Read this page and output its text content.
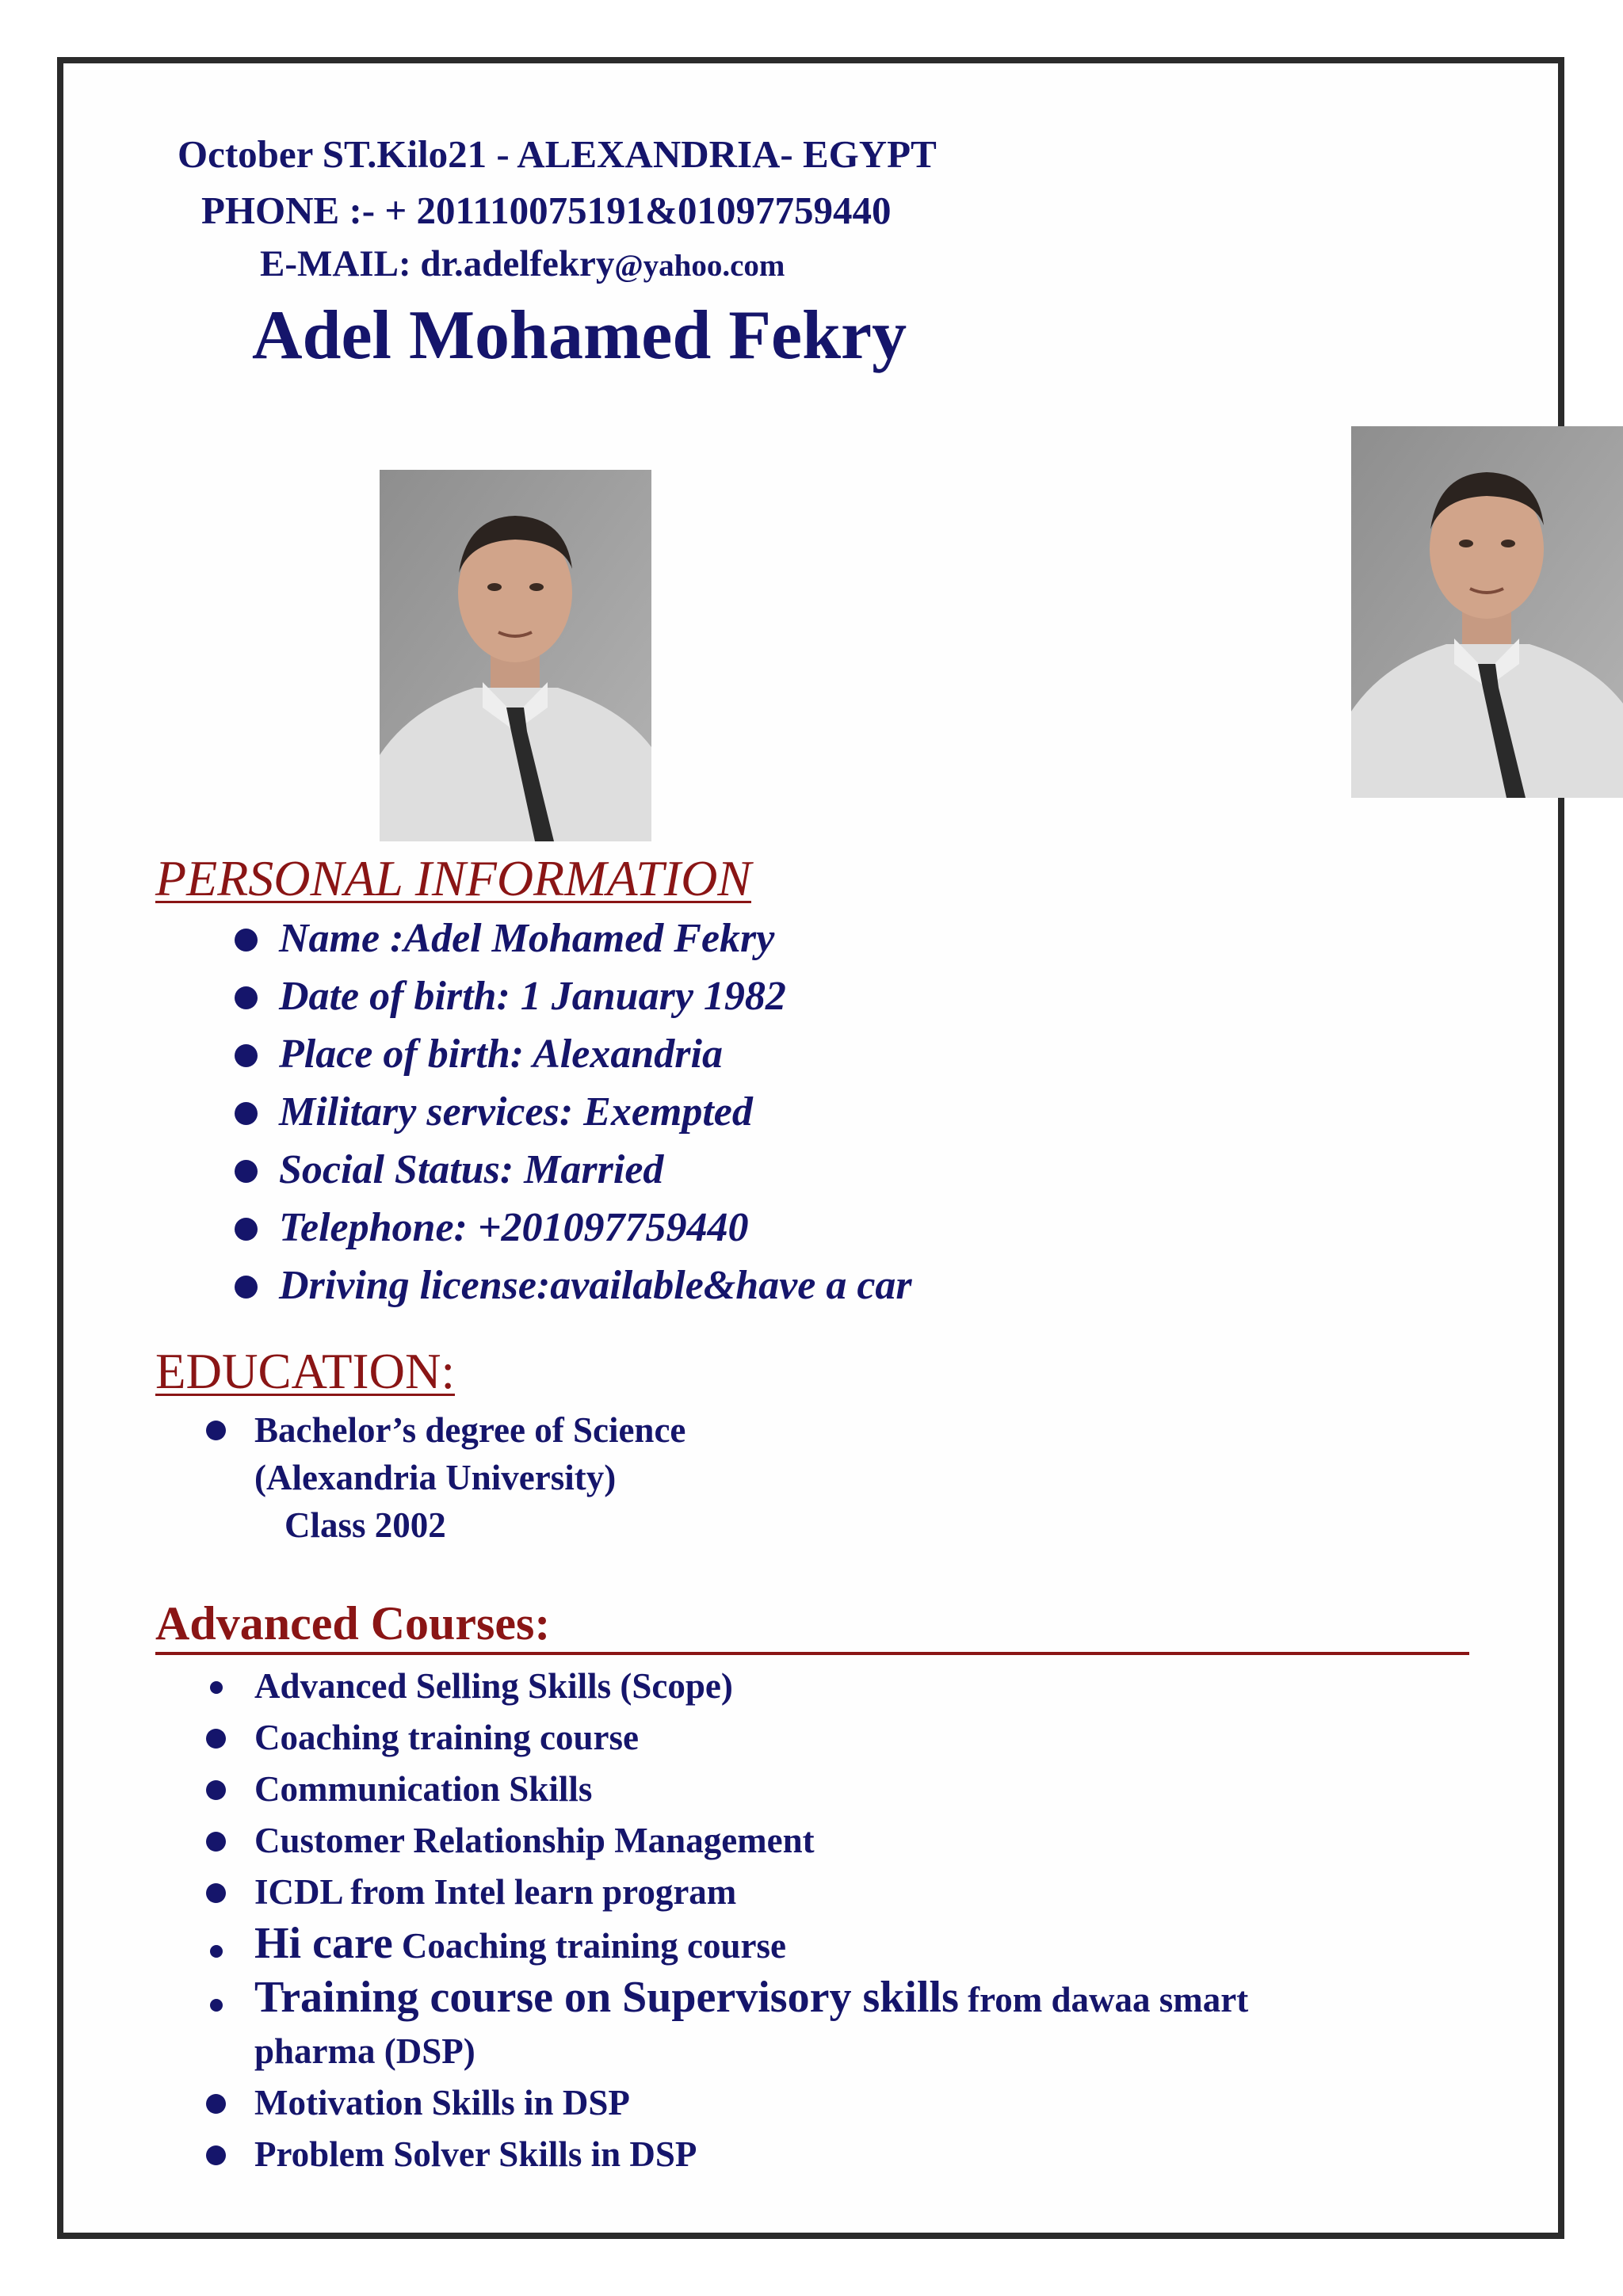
October ST.Kilo21 - ALEXANDRIA- EGYPT
PHONE :- + 201110075191&01097759440
E-MAIL: dr.adelfekry@yahoo.com
Adel Mohamed Fekry
PERSONAL INFORMATION
Name :Adel Mohamed Fekry
Date of birth: 1 January 1982
Place of birth: Alexandria
Military services: Exempted
Social Status: Married
Telephone: +201097759440
Driving license:available&have a car
EDUCATION:
Bachelor’s degree of Science
(Alexandria University)
Class 2002
Advanced Courses:
Advanced Selling Skills (Scope)
Coaching training course
Communication Skills
Customer Relationship Management
ICDL from Intel learn program
Hi care Coaching training course
Training course on Supervisory skills from dawaa smart
pharma (DSP)
Motivation Skills in DSP
Problem Solver Skills in DSP
